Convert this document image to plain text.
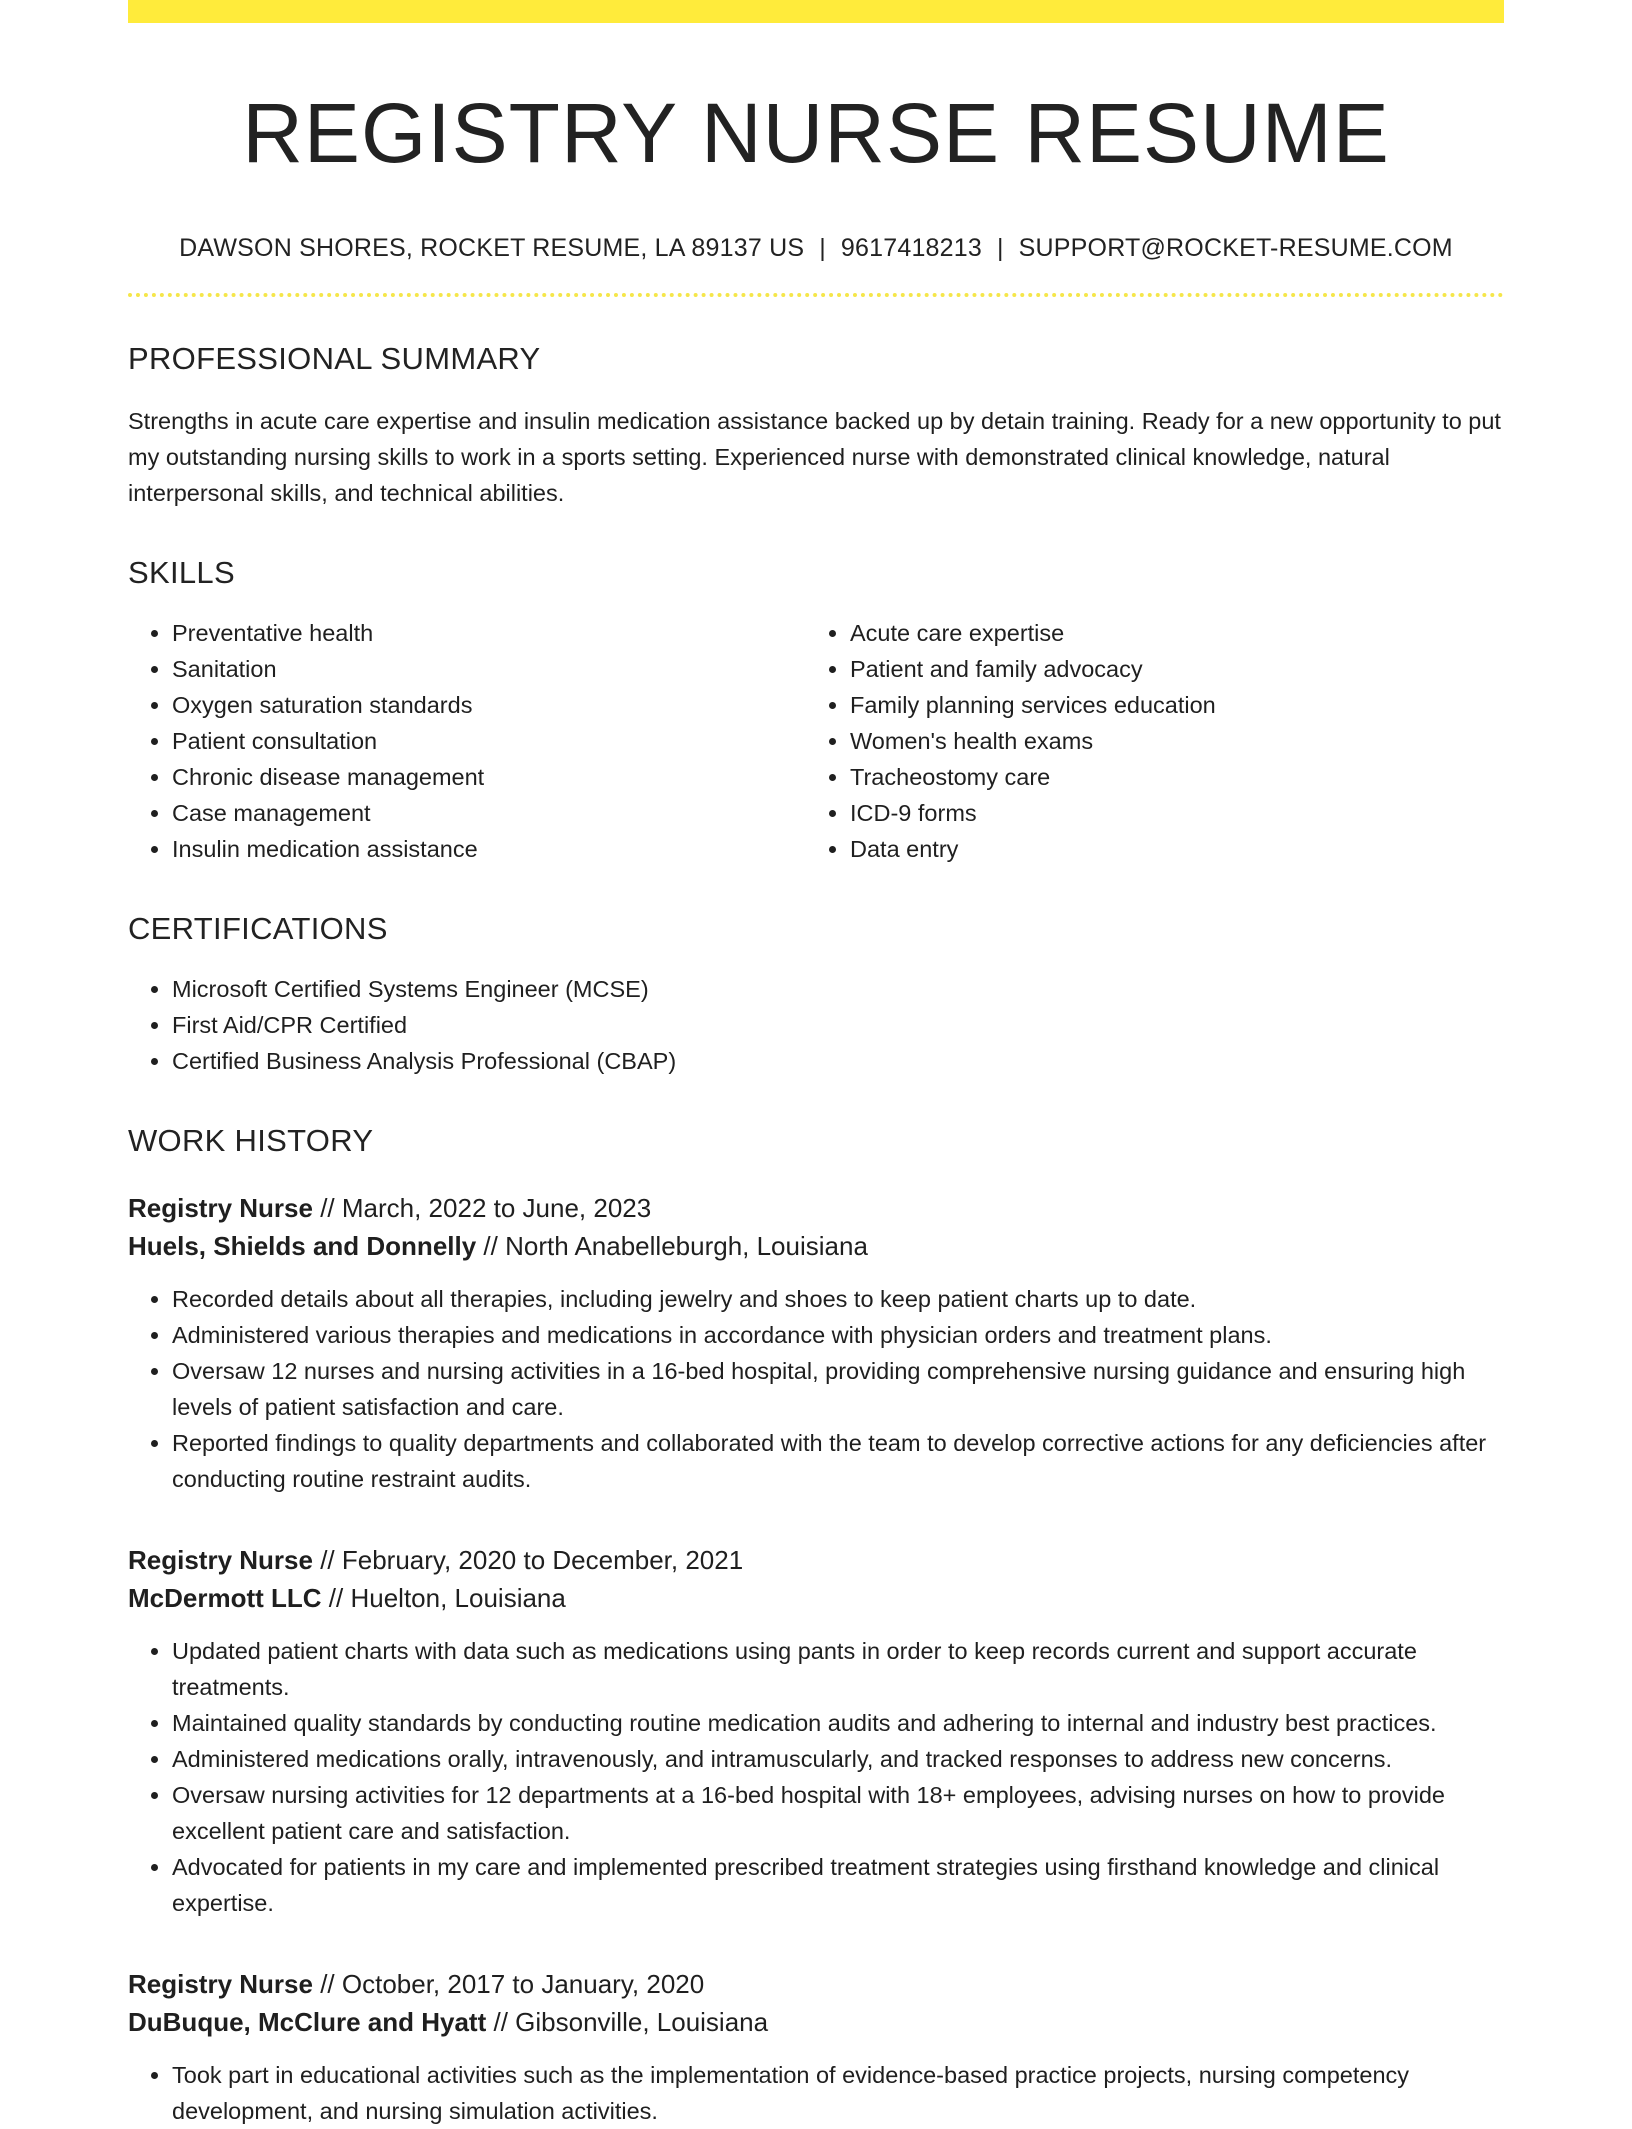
REGISTRY NURSE RESUME
DAWSON SHORES, ROCKET RESUME, LA 89137 US | 9617418213 | SUPPORT@ROCKET-RESUME.COM
PROFESSIONAL SUMMARY

Strengths in acute care expertise and insulin medication assistance backed up by detain training. Ready for a new opportunity to put my outstanding nursing skills to work in a sports setting. Experienced nurse with demonstrated clinical knowledge, natural interpersonal skills, and technical abilities.

SKILLS
• Preventative health
• Sanitation
• Oxygen saturation standards
• Patient consultation
• Chronic disease management
• Case management
• Insulin medication assistance
• Acute care expertise
• Patient and family advocacy
• Family planning services education
• Women's health exams
• Tracheostomy care
• ICD-9 forms
• Data entry
CERTIFICATIONS
• Microsoft Certified Systems Engineer (MCSE)
• First Aid/CPR Certified
• Certified Business Analysis Professional (CBAP)
WORK HISTORY
Registry Nurse // March, 2022 to June, 2023
Huels, Shields and Donnelly // North Anabelleburgh, Louisiana
• Recorded details about all therapies, including jewelry and shoes to keep patient charts up to date.
• Administered various therapies and medications in accordance with physician orders and treatment plans.
• Oversaw 12 nurses and nursing activities in a 16-bed hospital, providing comprehensive nursing guidance and ensuring high levels of patient satisfaction and care.
• Reported findings to quality departments and collaborated with the team to develop corrective actions for any deficiencies after conducting routine restraint audits.
Registry Nurse // February, 2020 to December, 2021
McDermott LLC // Huelton, Louisiana
• Updated patient charts with data such as medications using pants in order to keep records current and support accurate treatments.
• Maintained quality standards by conducting routine medication audits and adhering to internal and industry best practices.
• Administered medications orally, intravenously, and intramuscularly, and tracked responses to address new concerns.
• Oversaw nursing activities for 12 departments at a 16-bed hospital with 18+ employees, advising nurses on how to provide excellent patient care and satisfaction.
• Advocated for patients in my care and implemented prescribed treatment strategies using firsthand knowledge and clinical expertise.
Registry Nurse // October, 2017 to January, 2020
DuBuque, McClure and Hyatt // Gibsonville, Louisiana
• Took part in educational activities such as the implementation of evidence-based practice projects, nursing competency development, and nursing simulation activities.
